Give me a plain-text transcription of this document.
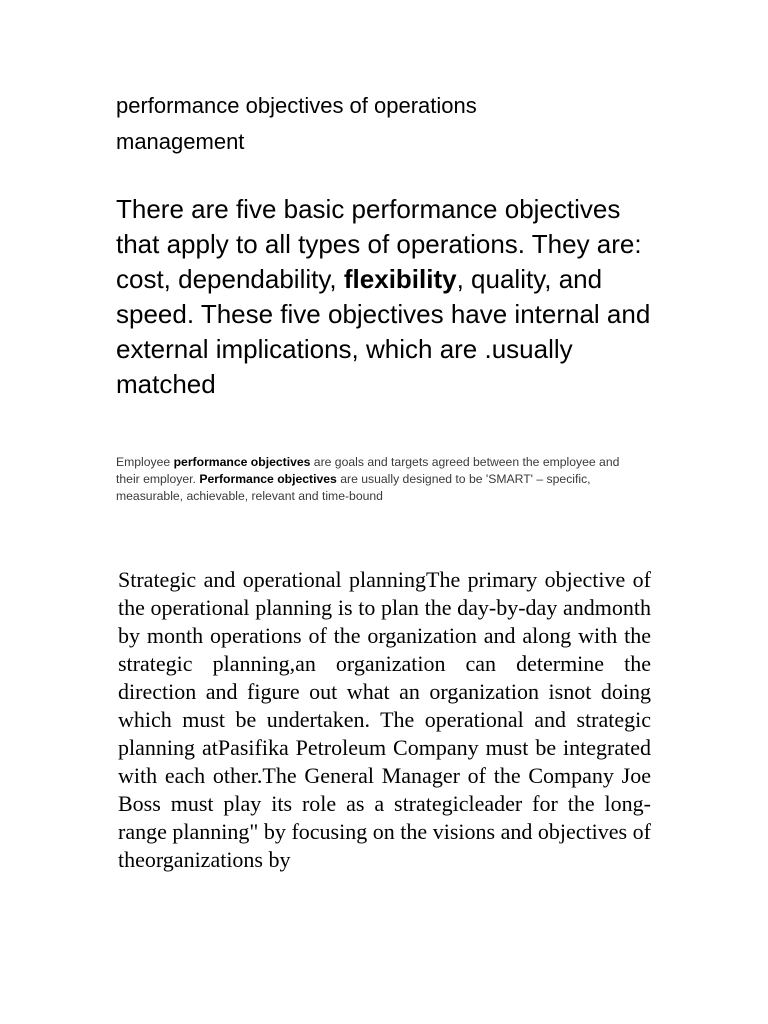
performance objectives of operations
management

There are five basic performance objectives that apply to all types of operations. They are: cost, dependability, flexibility, quality, and speed. These five objectives have internal and external implications, which are .usually matched

Employee performance objectives are goals and targets agreed between the employee and their employer. Performance objectives are usually designed to be 'SMART' – specific, measurable, achievable, relevant and time-bound

Strategic and operational planningThe primary objective of the operational planning is to plan the day-by-day andmonth by month operations of the organization and along with the strategic planning,an organization can determine the direction and figure out what an organization isnot doing which must be undertaken. The operational and strategic planning atPasifika Petroleum Company must be integrated with each other.The General Manager of the Company Joe Boss must play its role as a strategicleader for the long-range planning" by focusing on the visions and objectives of theorganizations by
